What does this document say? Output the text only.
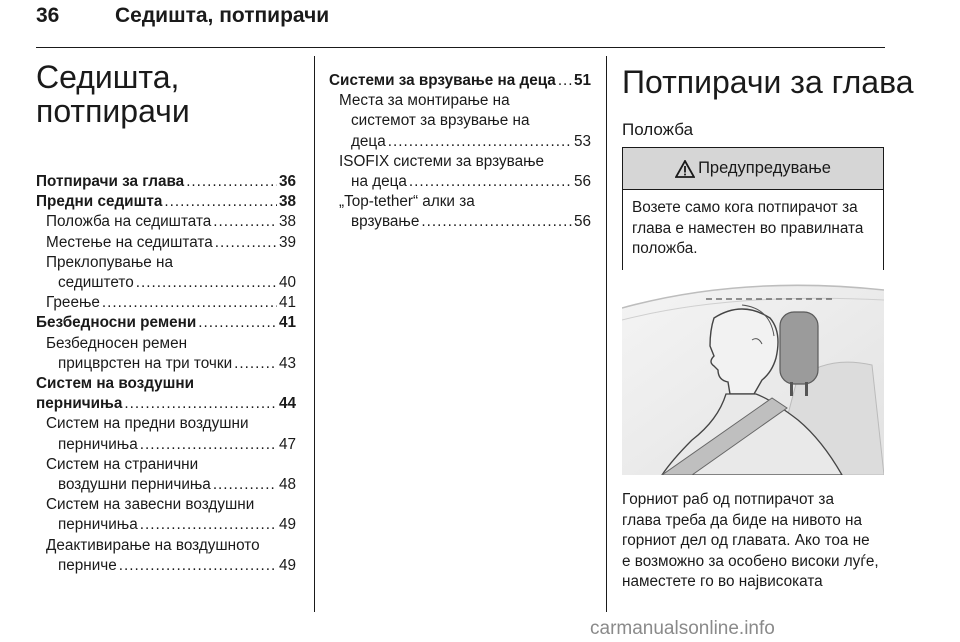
36	Седишта, потпирачи
Седишта,
потпирачи
Потпирачи за глава .....	36
Предни седишта .....	38
Положба на седиштата .....	38
Местење на седиштата .....	39
Преклопување на
седиштето .....	40
Греење .....	41
Безбедносни ремени .....	41
Безбедносен ремен
прицврстен на три точки .....	43
Систем на воздушни
перничиња .....	44
Систем на предни воздушни
перничиња .....	47
Систем на странични
воздушни перничиња .....	48
Систем на завесни воздушни
перничиња .....	49
Деактивирање на воздушното
перниче .....	49
Системи за врзување на деца ..... 51
Места за монтирање на
системот за врзување на
деца .....	53
ISOFIX системи за врзување
на деца .....	56
„Top-tether“ алки за
врзување .....	56
Потпирачи за глава
Положба
Предупредување
Возете само кога потпирачот за
глава е наместен во правилната
положба.
Горниот раб од потпирачот за
глава треба да биде на нивото на
горниот дел од главата. Ако тоа не
е возможно за особено високи луѓе,
наместете го во највисоката
carmanualsonline.info
